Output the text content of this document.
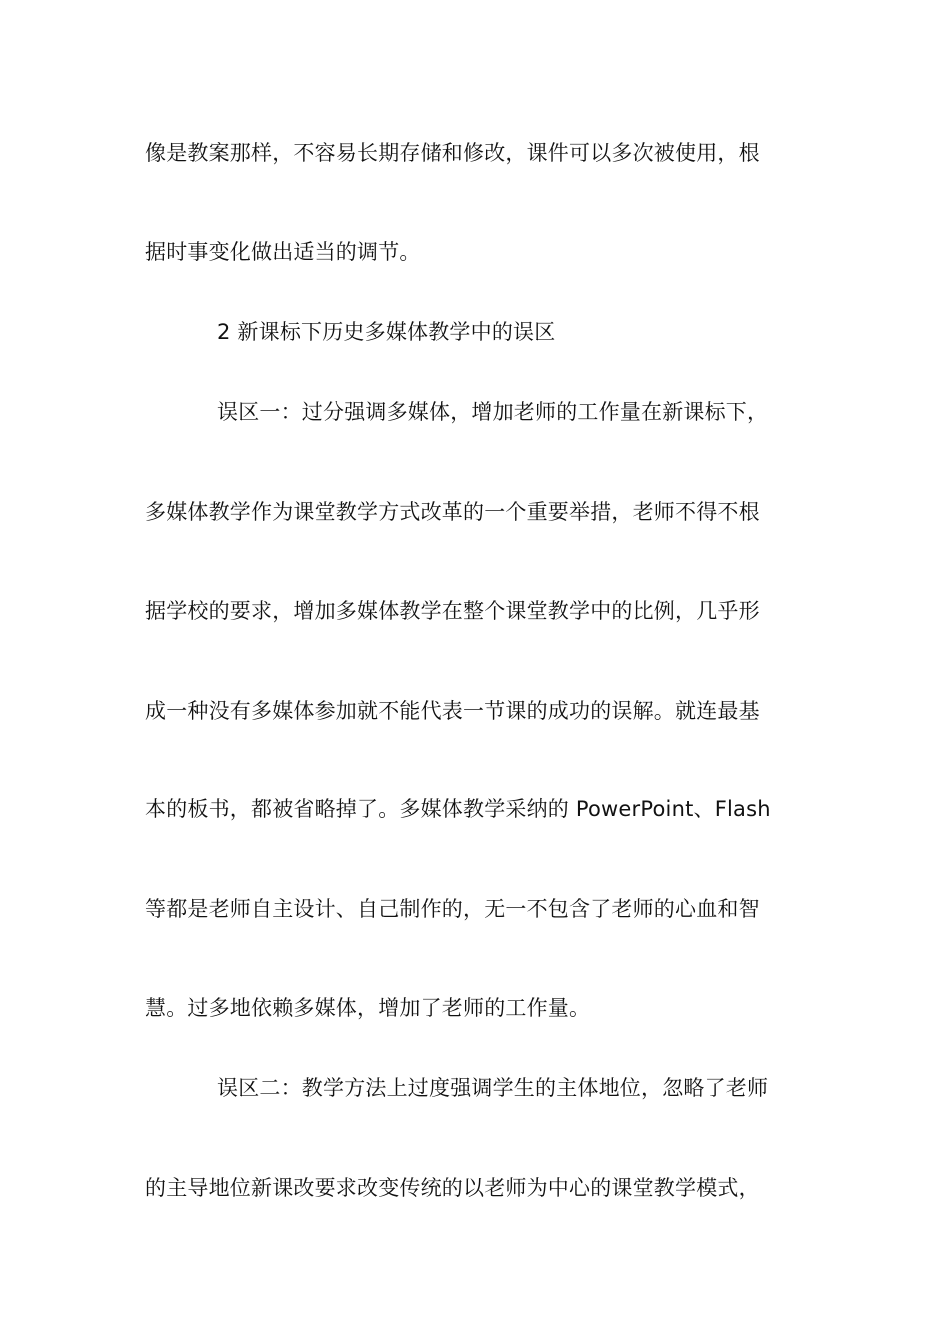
像是教案那样，不容易长期存储和修改，课件可以多次被使用，根
据时事变化做出适当的调节。
2 新课标下历史多媒体教学中的误区
误区一：过分强调多媒体，增加老师的工作量在新课标下，
多媒体教学作为课堂教学方式改革的一个重要举措，老师不得不根
据学校的要求，增加多媒体教学在整个课堂教学中的比例，几乎形
成一种没有多媒体参加就不能代表一节课的成功的误解。就连最基
本的板书，都被省略掉了。多媒体教学采纳的 PowerPoint、Flash
等都是老师自主设计、自己制作的，无一不包含了老师的心血和智
慧。过多地依赖多媒体，增加了老师的工作量。
误区二：教学方法上过度强调学生的主体地位，忽略了老师
的主导地位新课改要求改变传统的以老师为中心的课堂教学模式，
